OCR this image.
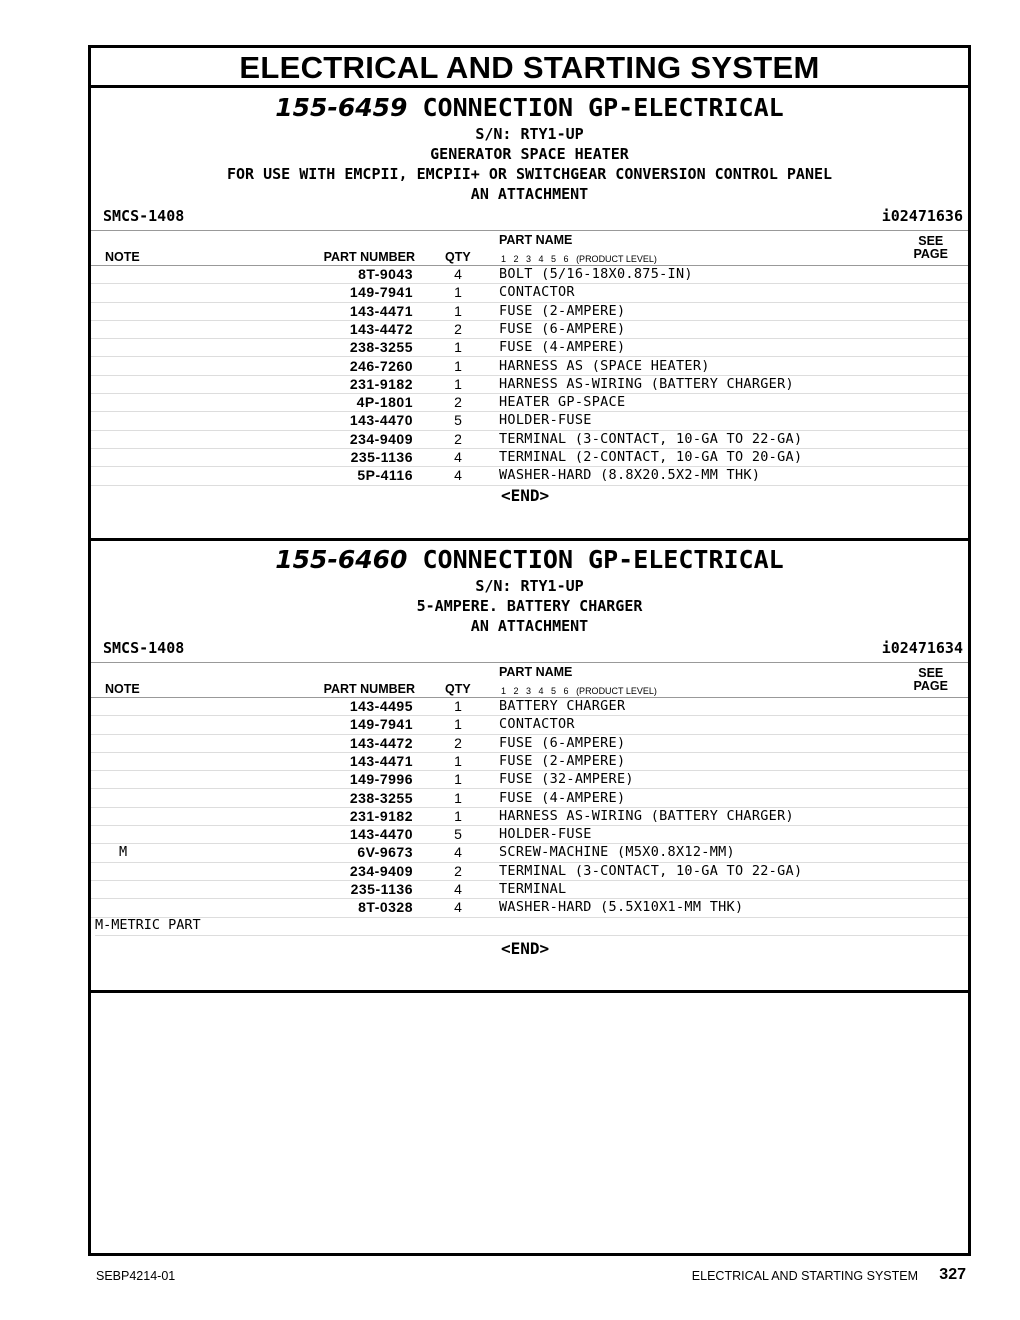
ELECTRICAL AND STARTING SYSTEM
155-6459 CONNECTION GP-ELECTRICAL
S/N: RTY1-UP
GENERATOR SPACE HEATER
FOR USE WITH EMCPII, EMCPII+ OR SWITCHGEAR CONVERSION CONTROL PANEL
AN ATTACHMENT
SMCS-1408	i02471636
NOTE	PART NUMBER QTY
PART NAME
1 2 3 4 5 6 (PRODUCT LEVEL)
SEE
PAGE
8T-9043	4	BOLT (5/16-18X0.875-IN)
149-7941	1	CONTACTOR
143-4471	1	FUSE (2-AMPERE)
143-4472	2	FUSE (6-AMPERE)
238-3255	1	FUSE (4-AMPERE)
246-7260	1	HARNESS AS (SPACE HEATER)
231-9182	1	HARNESS AS-WIRING (BATTERY CHARGER)
4P-1801	2	HEATER GP-SPACE
143-4470	5	HOLDER-FUSE
234-9409	2	TERMINAL (3-CONTACT, 10-GA TO 22-GA)
235-1136	4	TERMINAL (2-CONTACT, 10-GA TO 20-GA)
5P-4116	4	WASHER-HARD (8.8X20.5X2-MM THK)
<END>
155-6460 CONNECTION GP-ELECTRICAL
S/N: RTY1-UP
5-AMPERE. BATTERY CHARGER
AN ATTACHMENT
SMCS-1408	i02471634
NOTE	PART NUMBER QTY
PART NAME
1 2 3 4 5 6 (PRODUCT LEVEL)
SEE
PAGE
143-4495	1	BATTERY CHARGER
149-7941	1	CONTACTOR
143-4472	2	FUSE (6-AMPERE)
143-4471	1	FUSE (2-AMPERE)
149-7996	1	FUSE (32-AMPERE)
238-3255	1	FUSE (4-AMPERE)
231-9182	1	HARNESS AS-WIRING (BATTERY CHARGER)
143-4470	5	HOLDER-FUSE
M	6V-9673	4	SCREW-MACHINE (M5X0.8X12-MM)
234-9409	2	TERMINAL (3-CONTACT, 10-GA TO 22-GA)
235-1136	4	TERMINAL
8T-0328	4	WASHER-HARD (5.5X10X1-MM THK)
M-METRIC PART
<END>
SEBP4214-01	ELECTRICAL AND STARTING SYSTEM 327
